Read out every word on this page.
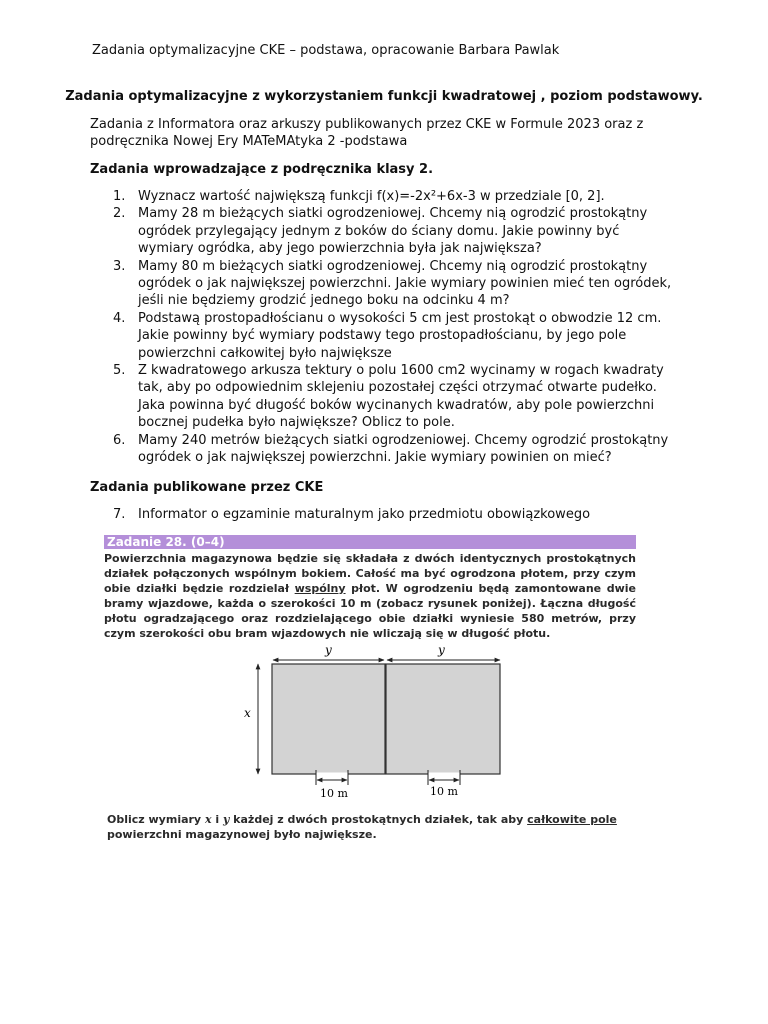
Zadania optymalizacyjne CKE – podstawa, opracowanie Barbara Pawlak
Zadania optymalizacyjne z wykorzystaniem funkcji kwadratowej , poziom podstawowy.
Zadania z Informatora oraz arkuszy publikowanych przez CKE w Formule 2023 oraz z podręcznika Nowej Ery MATeMAtyka 2 -podstawa
Zadania wprowadzające z podręcznika klasy 2.
1. Wyznacz wartość największą funkcji f(x)=-2x²+6x-3 w przedziale [0, 2].
2. Mamy 28 m bieżących siatki ogrodzeniowej. Chcemy nią ogrodzić prostokątny ogródek przylegający jednym z boków do ściany domu. Jakie powinny być wymiary ogródka, aby jego powierzchnia była jak największa?
3. Mamy 80 m bieżących siatki ogrodzeniowej. Chcemy nią ogrodzić prostokątny ogródek o jak największej powierzchni. Jakie wymiary powinien mieć ten ogródek, jeśli nie będziemy grodzić jednego boku na odcinku 4 m?
4. Podstawą prostopadłościanu o wysokości 5 cm jest prostokąt o obwodzie 12 cm. Jakie powinny być wymiary podstawy tego prostopadłościanu, by jego pole powierzchni całkowitej było największe
5. Z kwadratowego arkusza tektury o polu 1600 cm2 wycinamy w rogach kwadraty tak, aby po odpowiednim sklejeniu pozostałej części otrzymać otwarte pudełko. Jaka powinna być długość boków wycinanych kwadratów, aby pole powierzchni bocznej pudełka było największe? Oblicz to pole.
6. Mamy 240 metrów bieżących siatki ogrodzeniowej. Chcemy ogrodzić prostokątny ogródek o jak największej powierzchni. Jakie wymiary powinien on mieć?
Zadania publikowane przez CKE
7. Informator o egzaminie maturalnym jako przedmiotu obowiązkowego
Zadanie 28. (0–4)
Powierzchnia magazynowa będzie się składała z dwóch identycznych prostokątnych działek połączonych wspólnym bokiem. Całość ma być ogrodzona płotem, przy czym obie działki będzie rozdzielał wspólny płot. W ogrodzeniu będą zamontowane dwie bramy wjazdowe, każda o szerokości 10 m (zobacz rysunek poniżej). Łączna długość płotu ogradzającego oraz rozdzielającego obie działki wyniesie 580 metrów, przy czym szerokości obu bram wjazdowych nie wliczają się w długość płotu.
y	y
x
10 m	10 m
Oblicz wymiary x i y każdej z dwóch prostokątnych działek, tak aby całkowite pole powierzchni magazynowej było największe.
